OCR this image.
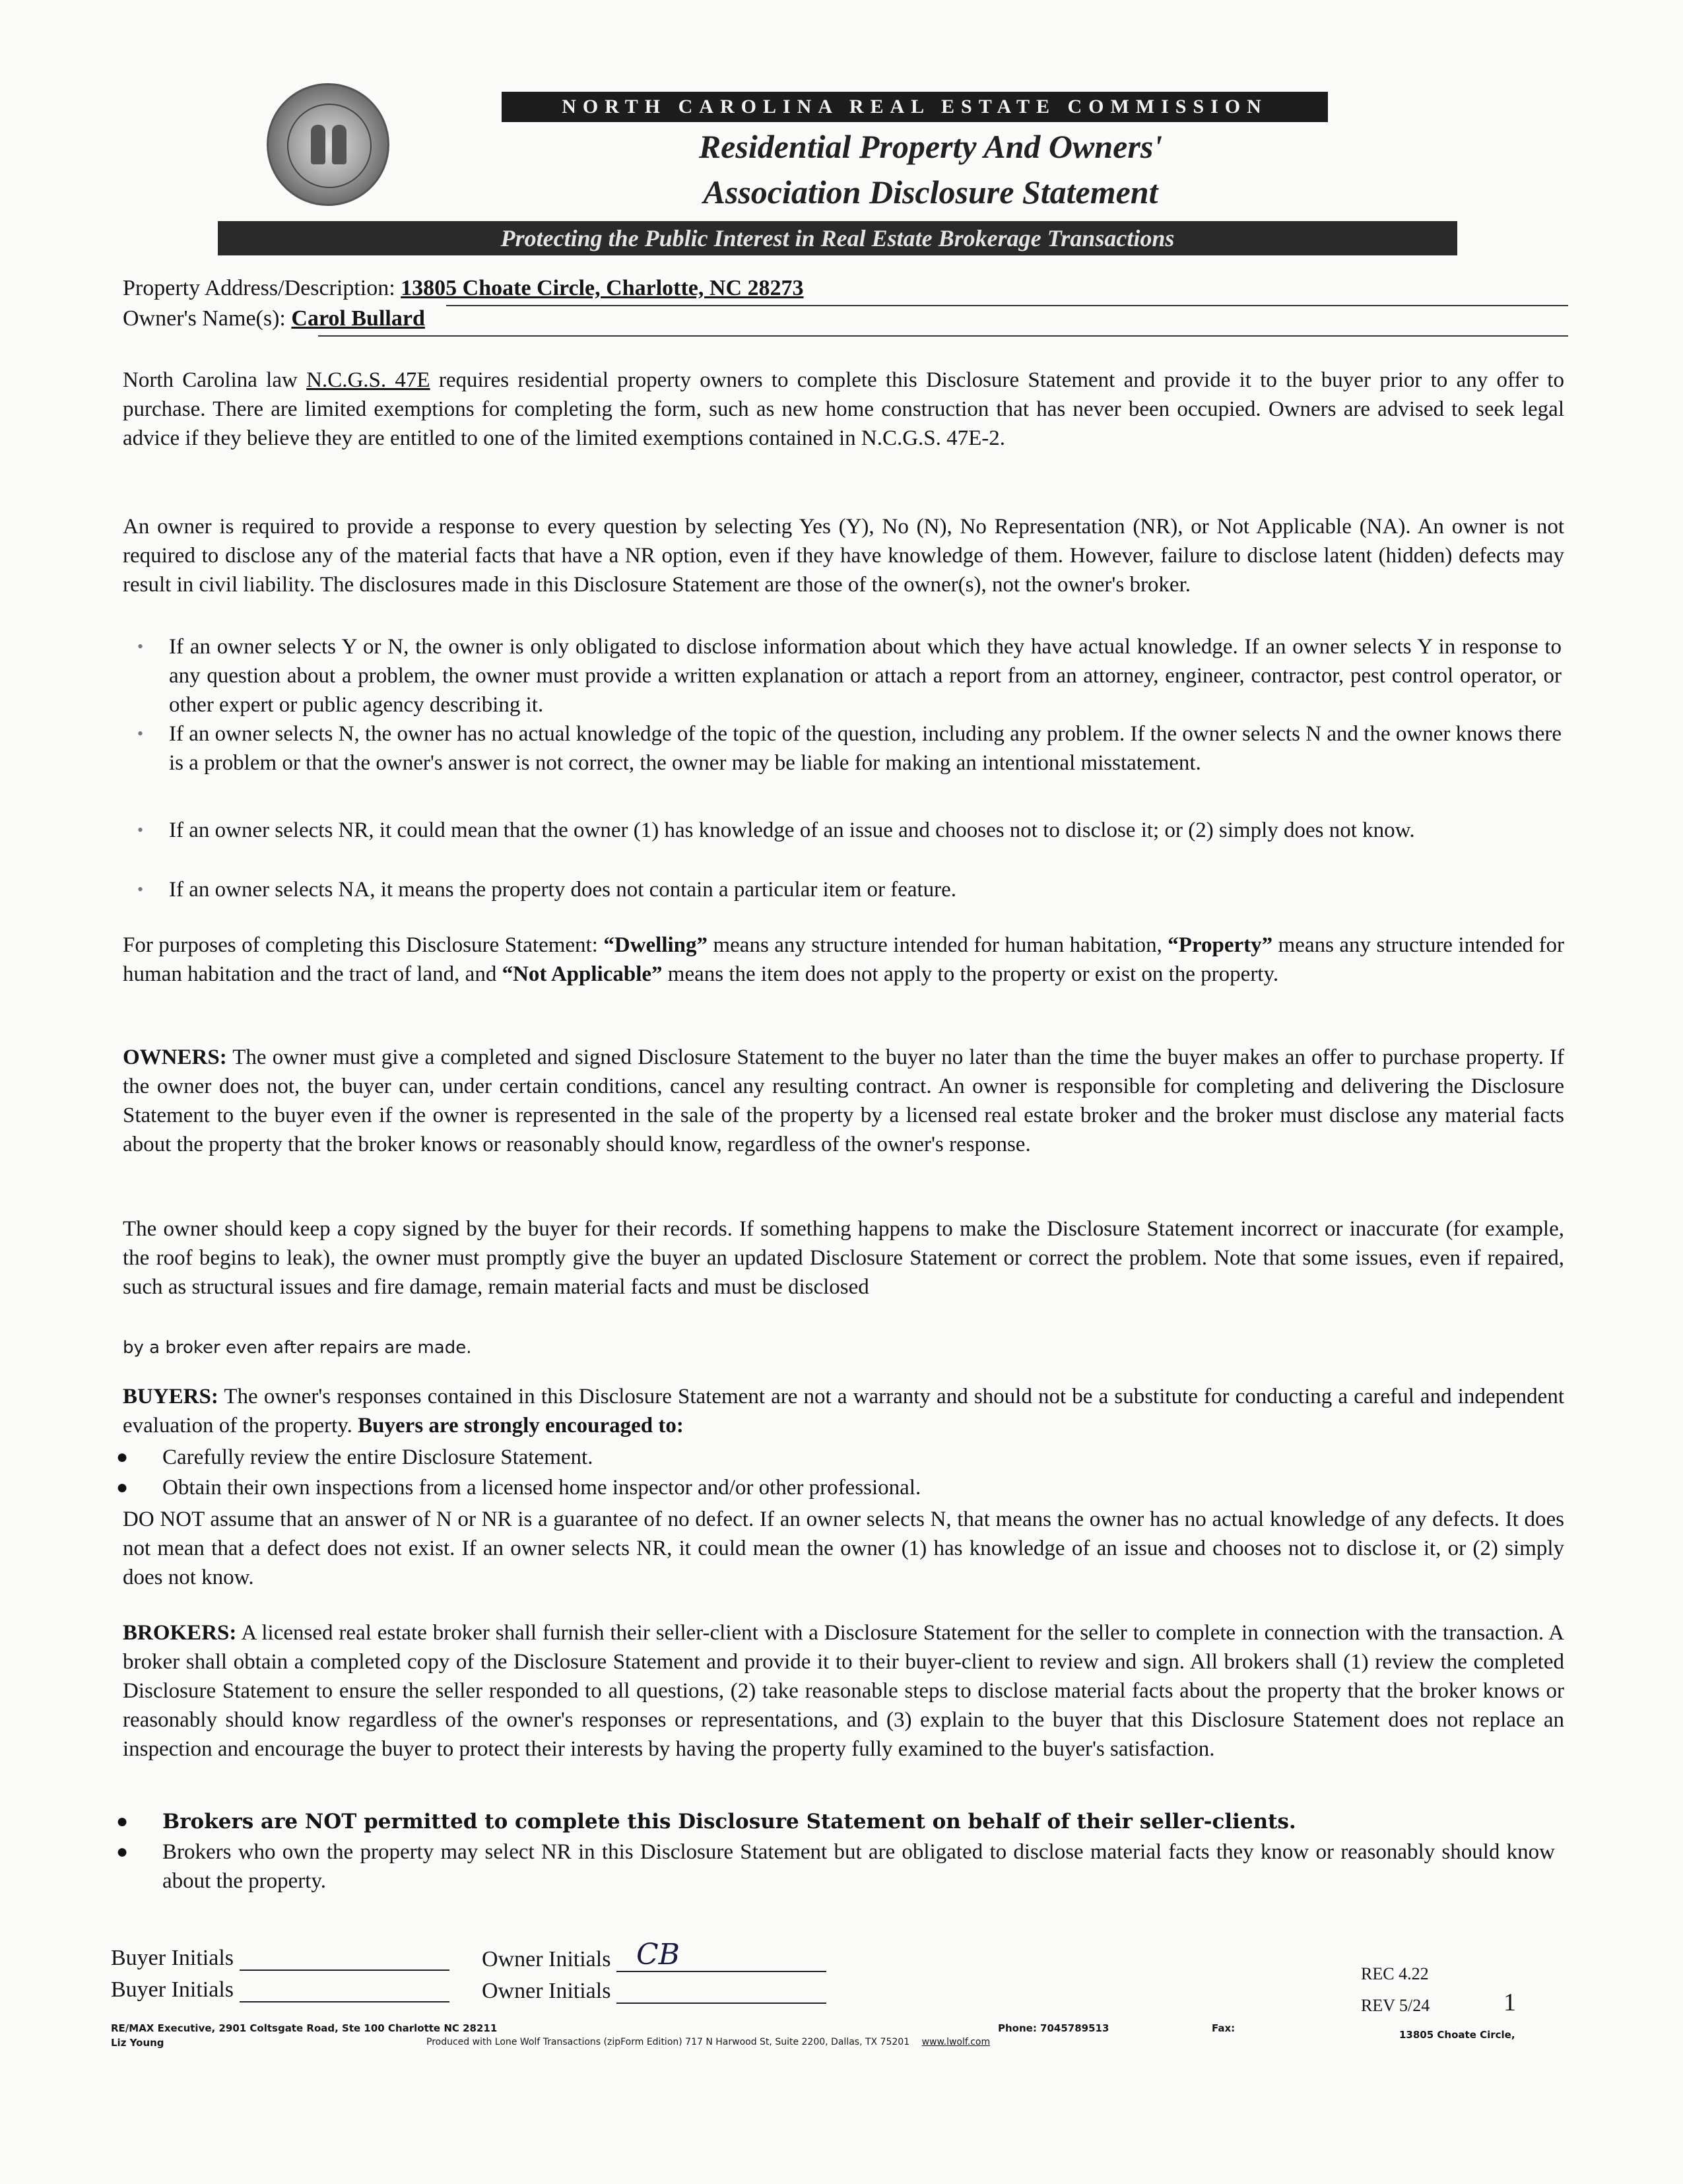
NORTH CAROLINA REAL ESTATE COMMISSION
Residential Property And Owners'
Association Disclosure Statement
Protecting the Public Interest in Real Estate Brokerage Transactions
Property Address/Description: 13805 Choate Circle, Charlotte, NC 28273
Owner's Name(s): Carol Bullard

North Carolina law N.C.G.S. 47E requires residential property owners to complete this Disclosure Statement and provide it to the buyer prior to any offer to purchase. There are limited exemptions for completing the form, such as new home construction that has never been occupied. Owners are advised to seek legal advice if they believe they are entitled to one of the limited exemptions contained in N.C.G.S. 47E-2.

An owner is required to provide a response to every question by selecting Yes (Y), No (N), No Representation (NR), or Not Applicable (NA). An owner is not required to disclose any of the material facts that have a NR option, even if they have knowledge of them. However, failure to disclose latent (hidden) defects may result in civil liability. The disclosures made in this Disclosure Statement are those of the owner(s), not the owner's broker.

• If an owner selects Y or N, the owner is only obligated to disclose information about which they have actual knowledge. If an owner selects Y in response to any question about a problem, the owner must provide a written explanation or attach a report from an attorney, engineer, contractor, pest control operator, or other expert or public agency describing it.

• If an owner selects N, the owner has no actual knowledge of the topic of the question, including any problem. If the owner selects N and the owner knows there is a problem or that the owner's answer is not correct, the owner may be liable for making an intentional misstatement.

• If an owner selects NR, it could mean that the owner (1) has knowledge of an issue and chooses not to disclose it; or (2) simply does not know.

• If an owner selects NA, it means the property does not contain a particular item or feature.

For purposes of completing this Disclosure Statement: “Dwelling” means any structure intended for human habitation, “Property” means any structure intended for human habitation and the tract of land, and “Not Applicable” means the item does not apply to the property or exist on the property.

OWNERS: The owner must give a completed and signed Disclosure Statement to the buyer no later than the time the buyer makes an offer to purchase property. If the owner does not, the buyer can, under certain conditions, cancel any resulting contract. An owner is responsible for completing and delivering the Disclosure Statement to the buyer even if the owner is represented in the sale of the property by a licensed real estate broker and the broker must disclose any material facts about the property that the broker knows or reasonably should know, regardless of the owner's response.

The owner should keep a copy signed by the buyer for their records. If something happens to make the Disclosure Statement incorrect or inaccurate (for example, the roof begins to leak), the owner must promptly give the buyer an updated Disclosure Statement or correct the problem. Note that some issues, even if repaired, such as structural issues and fire damage, remain material facts and must be disclosed

by a broker even after repairs are made.

BUYERS: The owner's responses contained in this Disclosure Statement are not a warranty and should not be a substitute for conducting a careful and independent evaluation of the property. Buyers are strongly encouraged to:

● Carefully review the entire Disclosure Statement.

● Obtain their own inspections from a licensed home inspector and/or other professional.

DO NOT assume that an answer of N or NR is a guarantee of no defect. If an owner selects N, that means the owner has no actual knowledge of any defects. It does not mean that a defect does not exist. If an owner selects NR, it could mean the owner (1) has knowledge of an issue and chooses not to disclose it, or (2) simply does not know.

BROKERS: A licensed real estate broker shall furnish their seller-client with a Disclosure Statement for the seller to complete in connection with the transaction. A broker shall obtain a completed copy of the Disclosure Statement and provide it to their buyer-client to review and sign. All brokers shall (1) review the completed Disclosure Statement to ensure the seller responded to all questions, (2) take reasonable steps to disclose material facts about the property that the broker knows or reasonably should know regardless of the owner's responses or representations, and (3) explain to the buyer that this Disclosure Statement does not replace an inspection and encourage the buyer to protect their interests by having the property fully examined to the buyer's satisfaction.

● Brokers are NOT permitted to complete this Disclosure Statement on behalf of their seller-clients.

● Brokers who own the property may select NR in this Disclosure Statement but are obligated to disclose material facts they know or reasonably should know about the property.

Buyer Initials	Owner Initials CB
Buyer Initials	Owner Initials
REC 4.22
REV 5/24	1
RE/MAX Executive, 2901 Coltsgate Road, Ste 100 Charlotte NC 28211
Liz Young
Phone: 7045789513	Fax:
Produced with Lone Wolf Transactions (zipForm Edition) 717 N Harwood St, Suite 2200, Dallas, TX 75201 www.lwolf.com
13805 Choate Circle,
